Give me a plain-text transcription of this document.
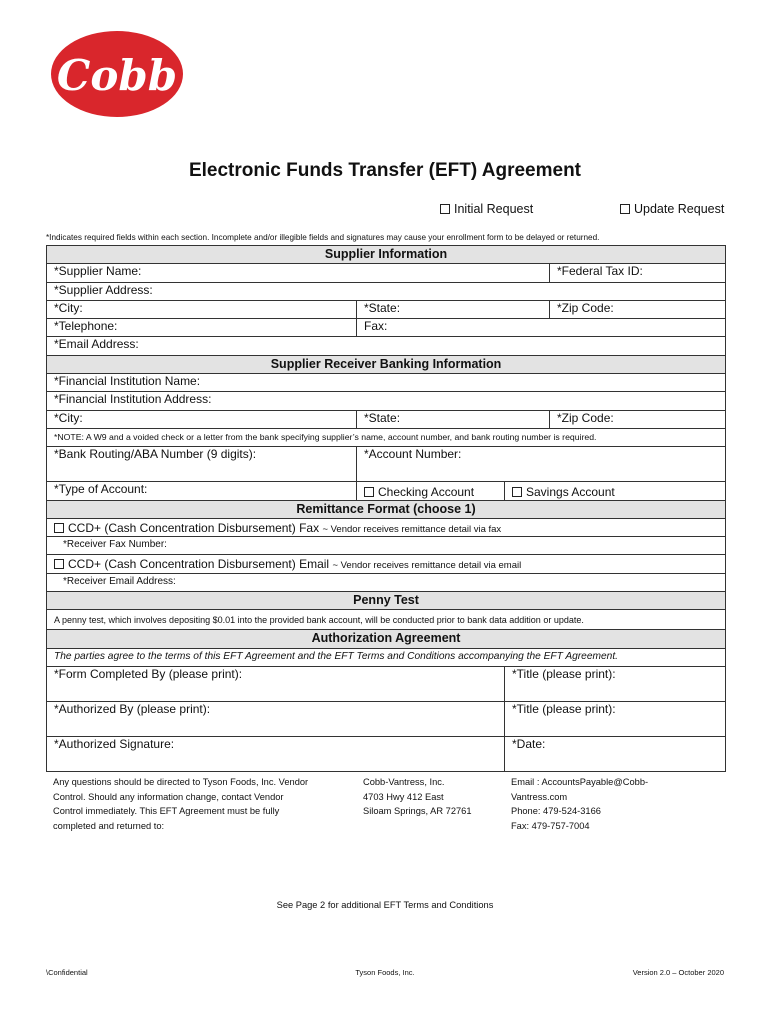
Cobb
Electronic Funds Transfer (EFT) Agreement
Initial Request	Update Request
*Indicates required fields within each section. Incomplete and/or illegible fields and signatures may cause your enrollment form to be delayed or returned.
Supplier Information			
*Supplier Name:			*Federal Tax ID:
*Supplier Address:			
*City:	*State:		*Zip Code:
*Telephone:	Fax:		
*Email Address:			
Supplier Receiver Banking Information			
*Financial Institution Name:			
*Financial Institution Address:			
*City:	*State:		*Zip Code:
*NOTE: A W9 and a voided check or a letter from the bank specifying supplier’s name, account number, and bank routing number is required.			
*Bank Routing/ABA Number (9 digits):	*Account Number:		
*Type of Account:	Checking Account	Savings Account	
Remittance Format (choose 1)			
CCD+ (Cash Concentration Disbursement) Fax ~ Vendor receives remittance detail via fax			
*Receiver Fax Number:			
CCD+ (Cash Concentration Disbursement) Email ~ Vendor receives remittance detail via email			
*Receiver Email Address:			
Penny Test			
A penny test, which involves depositing $0.01 into the provided bank account, will be conducted prior to bank data addition or update.			
Authorization Agreement			
The parties agree to the terms of this EFT Agreement and the EFT Terms and Conditions accompanying the EFT Agreement.			
*Form Completed By (please print):		*Title (please print):	
*Authorized By (please print):		*Title (please print):	
*Authorized Signature:		*Date:	
Any questions should be directed to Tyson Foods, Inc. Vendor
Control. Should any information change, contact Vendor
Control immediately. This EFT Agreement must be fully
completed and returned to:
Cobb-Vantress, Inc.
4703 Hwy 412 East
Siloam Springs, AR 72761
Email : AccountsPayable@Cobb-
Vantress.com
Phone: 479-524-3166
Fax: 479-757-7004
See Page 2 for additional EFT Terms and Conditions
\Confidential	Tyson Foods, Inc.	Version 2.0 – October 2020
